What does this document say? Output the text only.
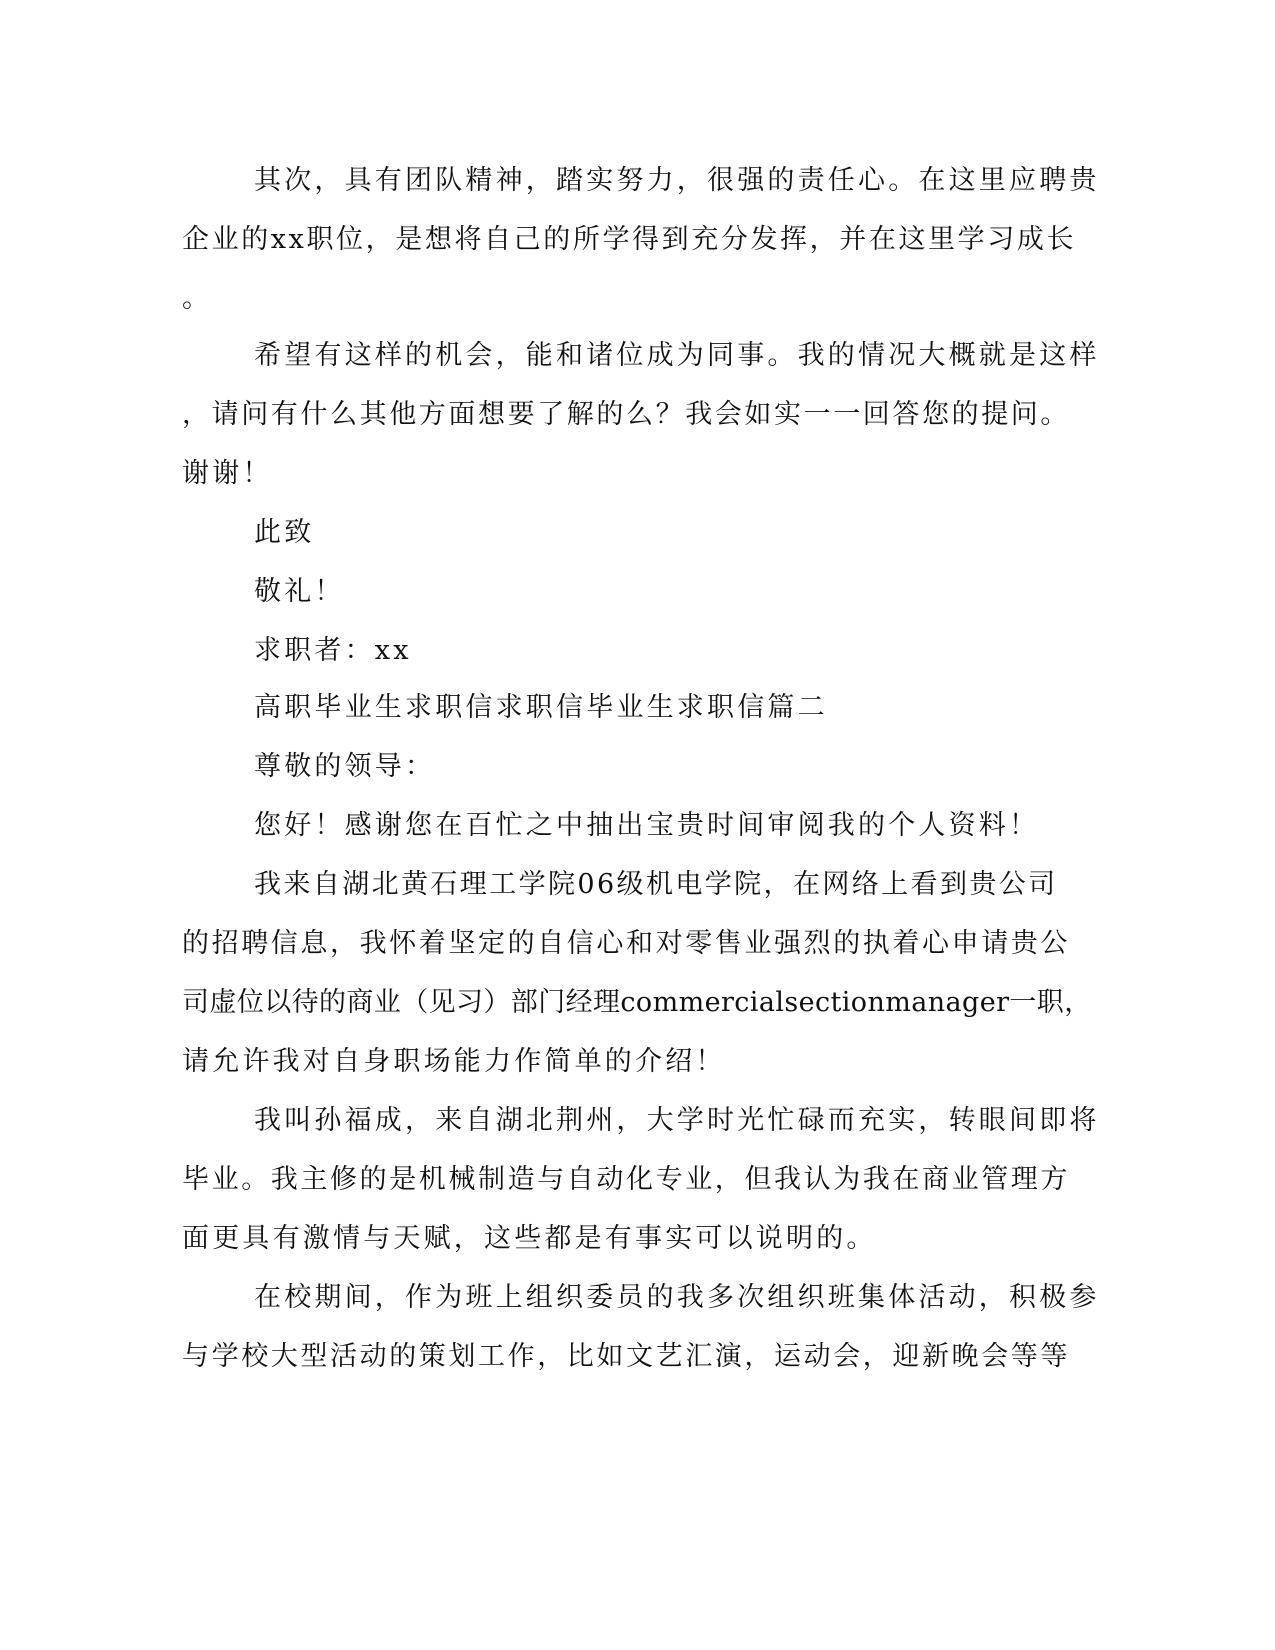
其次，具有团队精神，踏实努力，很强的责任心。在这里应聘贵
企业的xx职位，是想将自己的所学得到充分发挥，并在这里学习成长
。
希望有这样的机会，能和诸位成为同事。我的情况大概就是这样
，请问有什么其他方面想要了解的么？我会如实一一回答您的提问。
谢谢！
此致
敬礼！
求职者：xx
高职毕业生求职信求职信毕业生求职信篇二
尊敬的领导：
您好！感谢您在百忙之中抽出宝贵时间审阅我的个人资料！
我来自湖北黄石理工学院06级机电学院，在网络上看到贵公司
的招聘信息，我怀着坚定的自信心和对零售业强烈的执着心申请贵公
司虚位以待的商业（见习）部门经理commercialsectionmanager一职，
请允许我对自身职场能力作简单的介绍！
我叫孙福成，来自湖北荆州，大学时光忙碌而充实，转眼间即将
毕业。我主修的是机械制造与自动化专业，但我认为我在商业管理方
面更具有激情与天赋，这些都是有事实可以说明的。
在校期间，作为班上组织委员的我多次组织班集体活动，积极参
与学校大型活动的策划工作，比如文艺汇演，运动会，迎新晚会等等
